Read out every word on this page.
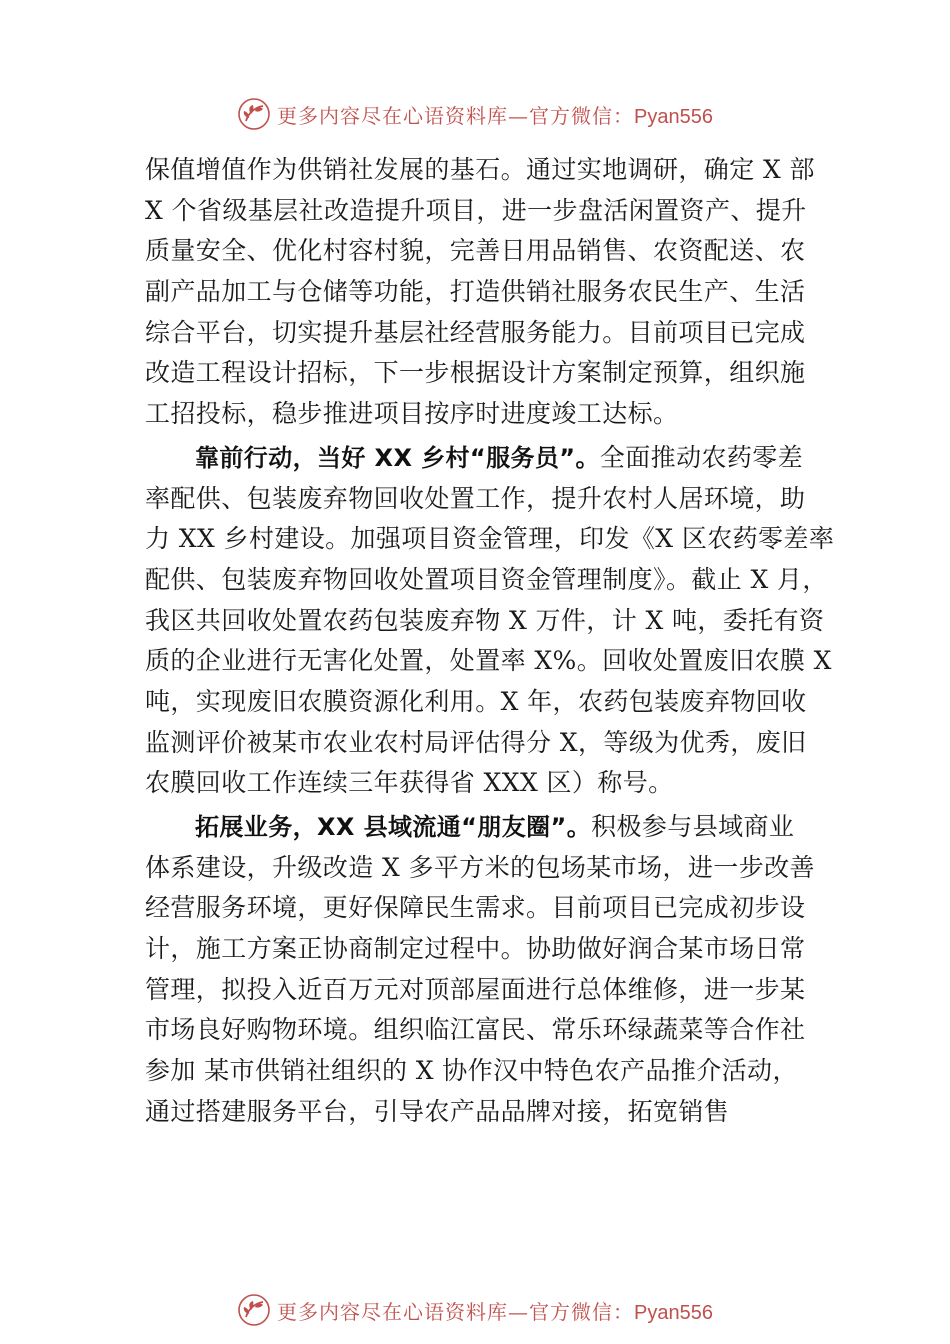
更多内容尽在心语资料库—官方微信：Pyan556
保值增值作为供销社发展的基石。通过实地调研，确定 X 部
X 个省级基层社改造提升项目，进一步盘活闲置资产、提升
质量安全、优化村容村貌，完善日用品销售、农资配送、农
副产品加工与仓储等功能，打造供销社服务农民生产、生活
综合平台，切实提升基层社经营服务能力。目前项目已完成
改造工程设计招标，下一步根据设计方案制定预算，组织施
工招投标，稳步推进项目按序时进度竣工达标。
靠前行动，当好 XX 乡村“服务员”。全面推动农药零差
率配供、包装废弃物回收处置工作，提升农村人居环境，助
力 XX 乡村建设。加强项目资金管理，印发《X 区农药零差率
配供、包装废弃物回收处置项目资金管理制度》。截止 X 月，
我区共回收处置农药包装废弃物 X 万件，计 X 吨，委托有资
质的企业进行无害化处置，处置率 X%。回收处置废旧农膜 X
吨，实现废旧农膜资源化利用。X 年，农药包装废弃物回收
监测评价被某市农业农村局评估得分 X，等级为优秀，废旧
农膜回收工作连续三年获得省 XXX 区）称号。
拓展业务，XX 县域流通“朋友圈”。积极参与县域商业
体系建设，升级改造 X 多平方米的包场某市场，进一步改善
经营服务环境，更好保障民生需求。目前项目已完成初步设
计，施工方案正协商制定过程中。协助做好润合某市场日常
管理，拟投入近百万元对顶部屋面进行总体维修，进一步某
市场良好购物环境。组织临江富民、常乐环绿蔬菜等合作社
参加 某市供销社组织的 X 协作汉中特色农产品推介活动，
通过搭建服务平台，引导农产品品牌对接，拓宽销售
更多内容尽在心语资料库—官方微信：Pyan556
